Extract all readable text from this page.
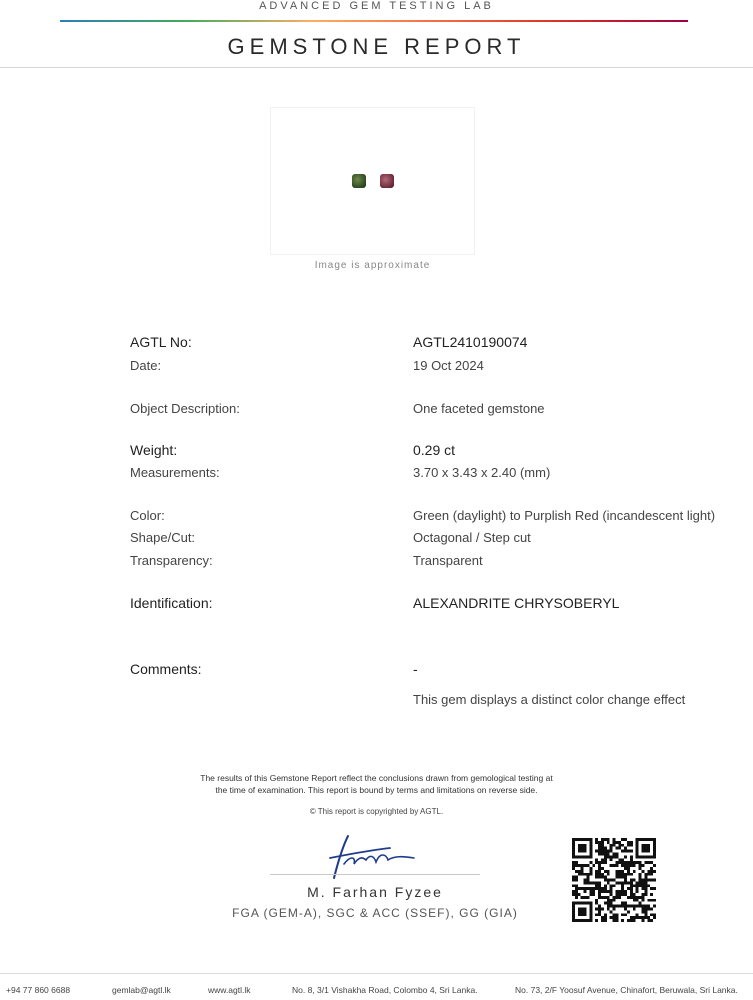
ADVANCED GEM TESTING LAB
GEMSTONE REPORT
Image is approximate
AGTL No:	AGTL2410190074
Date:	19 Oct 2024
Object Description:	One faceted gemstone
Weight:	0.29 ct
Measurements:	3.70 x 3.43 x 2.40 (mm)
Color:	Green (daylight) to Purplish Red (incandescent light)
Shape/Cut:	Octagonal / Step cut
Transparency:	Transparent
Identification:	ALEXANDRITE CHRYSOBERYL
Comments:	-
This gem displays a distinct color change effect
The results of this Gemstone Report reflect the conclusions drawn from gemological testing at
the time of examination. This report is bound by terms and limitations on reverse side.
© This report is copyrighted by AGTL.
M. Farhan Fyzee
FGA (GEM-A), SGC & ACC (SSEF), GG (GIA)
+94 77 860 6688	gemlab@agtl.lk	www.agtl.lk	No. 8, 3/1 Vishakha Road, Colombo 4, Sri Lanka.	No. 73, 2/F Yoosuf Avenue, Chinafort, Beruwala, Sri Lanka.
